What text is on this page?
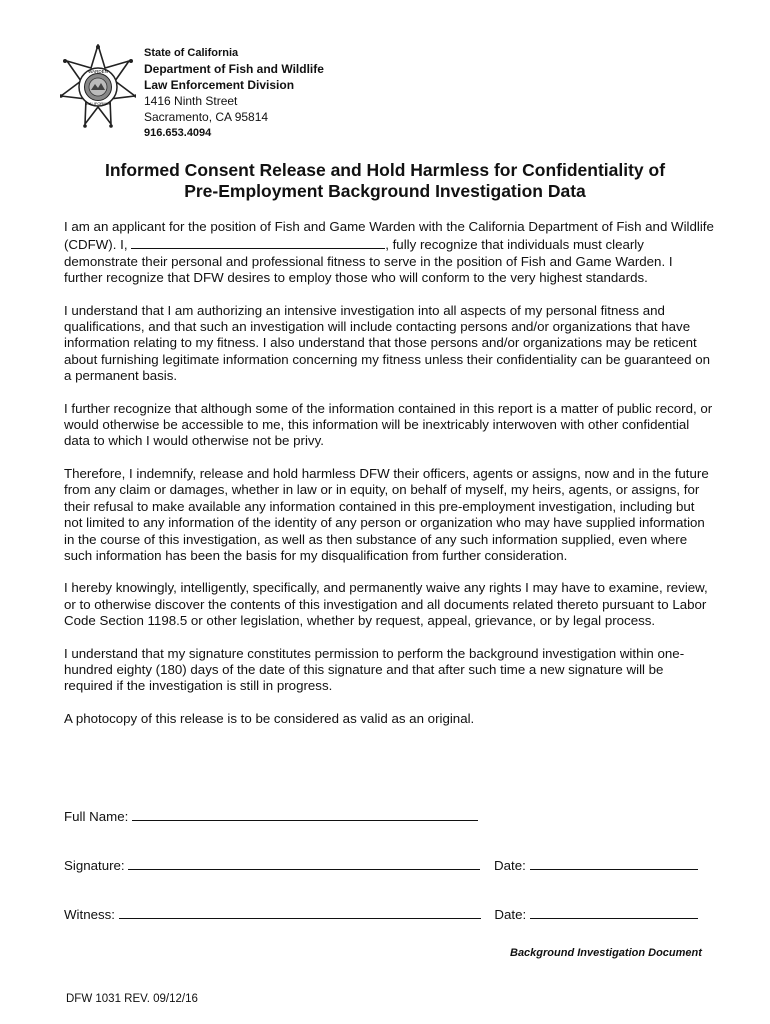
WARDEN
CALIFORNIA
State of California
Department of Fish and Wildlife
Law Enforcement Division
1416 Ninth Street
Sacramento, CA 95814
916.653.4094
Informed Consent Release and Hold Harmless for Confidentiality of
Pre-Employment Background Investigation Data

I am an applicant for the position of Fish and Game Warden with the California Department of Fish and Wildlife (CDFW). I,	, fully recognize that individuals must clearly demonstrate their personal and professional fitness to serve in the position of Fish and Game Warden. I further recognize that DFW desires to employ those who will conform to the very highest standards.

I understand that I am authorizing an intensive investigation into all aspects of my personal fitness and qualifications, and that such an investigation will include contacting persons and/or organizations that have information relating to my fitness. I also understand that those persons and/or organizations may be reticent about furnishing legitimate information concerning my fitness unless their confidentiality can be guaranteed on a permanent basis.

I further recognize that although some of the information contained in this report is a matter of public record, or would otherwise be accessible to me, this information will be inextricably interwoven with other confidential data to which I would otherwise not be privy.

Therefore, I indemnify, release and hold harmless DFW their officers, agents or assigns, now and in the future from any claim or damages, whether in law or in equity, on behalf of myself, my heirs, agents, or assigns, for their refusal to make available any information contained in this pre-employment investigation, including but not limited to any information of the identity of any person or organization who may have supplied information in the course of this investigation, as well as then substance of any such information supplied, even where such information has been the basis for my disqualification from further consideration.

I hereby knowingly, intelligently, specifically, and permanently waive any rights I may have to examine, review, or to otherwise discover the contents of this investigation and all documents related thereto pursuant to Labor Code Section 1198.5 or other legislation, whether by request, appeal, grievance, or by legal process.

I understand that my signature constitutes permission to perform the background investigation within one-hundred eighty (180) days of the date of this signature and that after such time a new signature will be required if the investigation is still in progress.

A photocopy of this release is to be considered as valid as an original.

Full Name:
Signature:	Date:
Witness:	Date:
Background Investigation Document
DFW 1031 REV. 09/12/16
